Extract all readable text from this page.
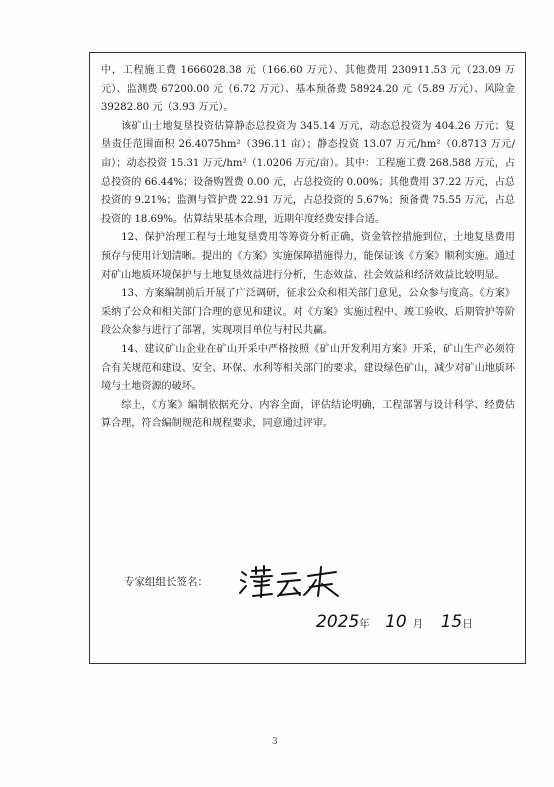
中，工程施工费 1666028.38 元（166.60 万元）、其他费用 230911.53 元（23.09 万元）、监测费 67200.00 元（6.72 万元）、基本预备费 58924.20 元（5.89 万元）、风险金 39282.80 元（3.93 万元）。

该矿山土地复垦投资估算静态总投资为 345.14 万元，动态总投资为 404.26 万元；复垦责任范围面积 26.4075hm²（396.11 亩）；静态投资 13.07 万元/hm²（0.8713 万元/亩）；动态投资 15.31 万元/hm²（1.0206 万元/亩）。其中：工程施工费 268.588 万元，占总投资的 66.44%；设备购置费 0.00 元，占总投资的 0.00%；其他费用 37.22 万元，占总投资的 9.21%；监测与管护费 22.91 万元，占总投资的 5.67%；预备费 75.55 万元，占总投资的 18.69%。估算结果基本合理，近期年度经费安排合适。

12、保护治理工程与土地复垦费用等筹资分析正确，资金管控措施到位，土地复垦费用预存与使用计划清晰。提出的《方案》实施保障措施得力，能保证该《方案》顺利实施。通过对矿山地质环境保护与土地复垦效益进行分析，生态效益、社会效益和经济效益比较明显。

13、方案编制前后开展了广泛调研，征求公众和相关部门意见，公众参与度高。《方案》采纳了公众和相关部门合理的意见和建议。对《方案》实施过程中、竣工验收、后期管护等阶段公众参与进行了部署，实现项目单位与村民共赢。

14、建议矿山企业在矿山开采中严格按照《矿山开发利用方案》开采，矿山生产必须符合有关规范和建设、安全、环保、水利等相关部门的要求，建设绿色矿山，减少对矿山地质环境与土地资源的破坏。

综上，《方案》编制依据充分、内容全面，评估结论明确，工程部署与设计科学、经费估算合理，符合编制规范和规程要求，同意通过评审。

专家组组长签名：
2025年 10 月 15日
3
